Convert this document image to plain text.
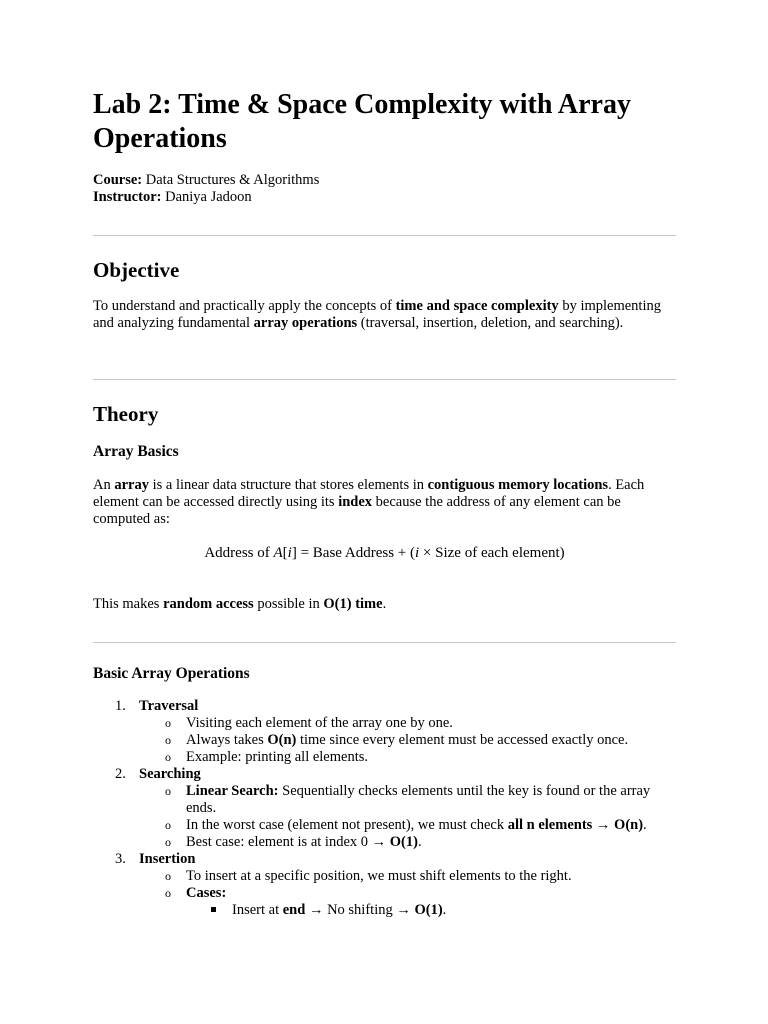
Lab 2: Time & Space Complexity with Array Operations
Course: Data Structures & Algorithms
Instructor: Daniya Jadoon
Objective

To understand and practically apply the concepts of time and space complexity by implementing and analyzing fundamental array operations (traversal, insertion, deletion, and searching).

Theory
Array Basics

An array is a linear data structure that stores elements in contiguous memory locations. Each element can be accessed directly using its index because the address of any element can be computed as:

Address of A[i] = Base Address + (i × Size of each element)

This makes random access possible in O(1) time.

Basic Array Operations
1. Traversal
o Visiting each element of the array one by one.
o Always takes O(n) time since every element must be accessed exactly once.
o Example: printing all elements.
2. Searching
o Linear Search: Sequentially checks elements until the key is found or the array ends.
o In the worst case (element not present), we must check all n elements → O(n).
o Best case: element is at index 0 → O(1).
3. Insertion
o To insert at a specific position, we must shift elements to the right.
o Cases:
Insert at end → No shifting → O(1).
